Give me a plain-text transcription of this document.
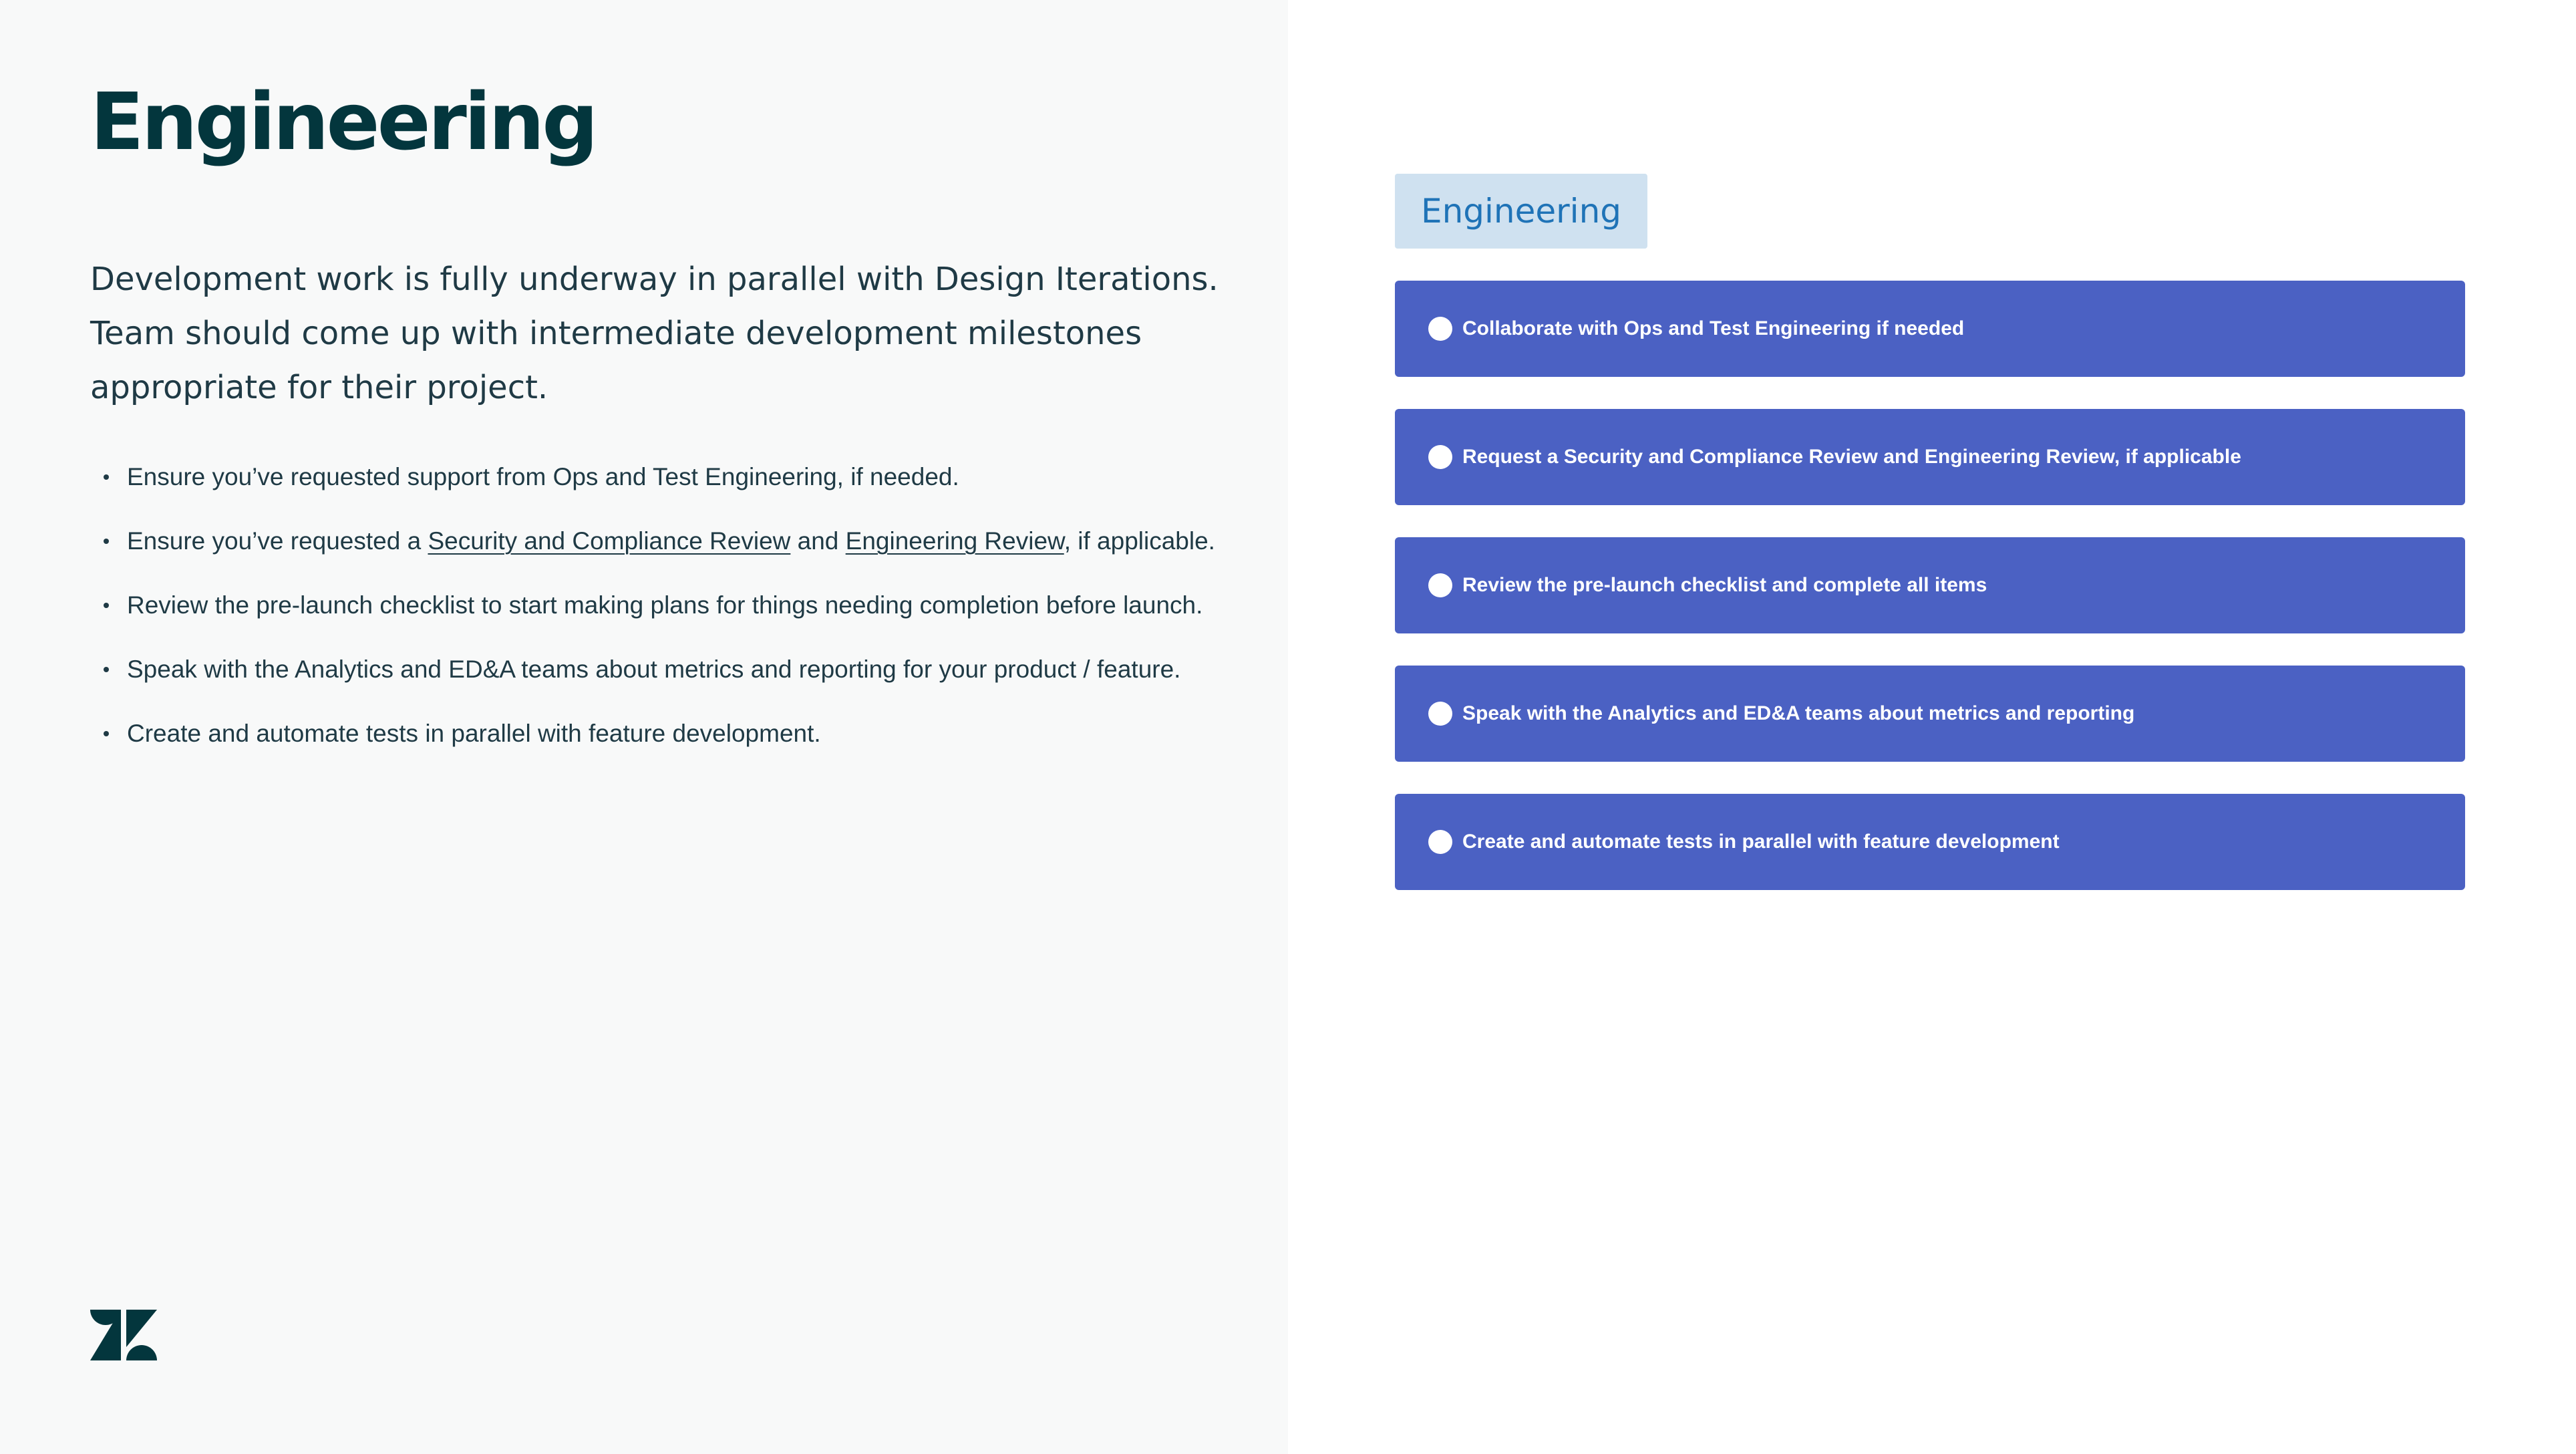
Engineering
Development work is fully underway in parallel with Design Iterations.
Team should come up with intermediate development milestones
appropriate for their project.
Ensure you’ve requested support from Ops and Test Engineering, if needed.
Ensure you’ve requested a Security and Compliance Review and Engineering Review, if applicable.
Review the pre-launch checklist to start making plans for things needing completion before launch.
Speak with the Analytics and ED&A teams about metrics and reporting for your product / feature.
Create and automate tests in parallel with feature development.
Engineering
Collaborate with Ops and Test Engineering if needed
Request a Security and Compliance Review and Engineering Review, if applicable
Review the pre-launch checklist and complete all items
Speak with the Analytics and ED&A teams about metrics and reporting
Create and automate tests in parallel with feature development
